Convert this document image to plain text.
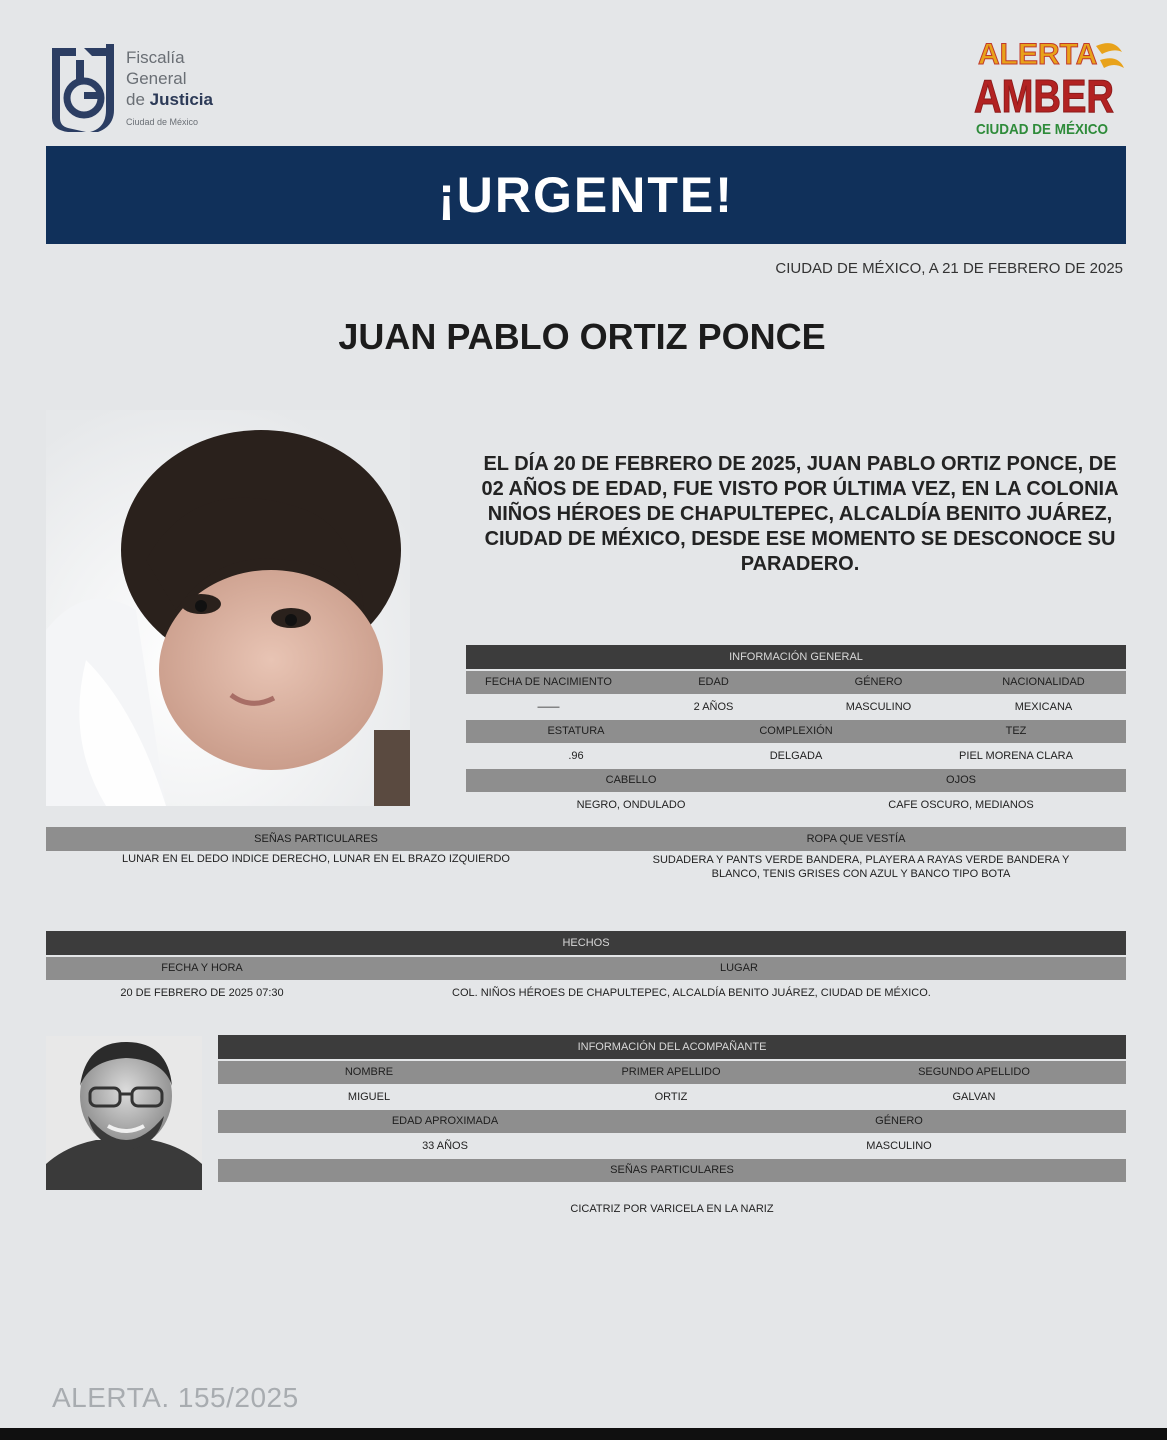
Fiscalía
General
de Justicia
Ciudad de México
ALERTA
AMBER
CIUDAD DE MÉXICO
¡URGENTE!
CIUDAD DE MÉXICO, A 21 DE FEBRERO DE 2025
JUAN PABLO ORTIZ PONCE
EL DÍA 20 DE FEBRERO DE 2025, JUAN PABLO ORTIZ PONCE, DE 02 AÑOS DE EDAD, FUE VISTO POR ÚLTIMA VEZ, EN LA COLONIA NIÑOS HÉROES DE CHAPULTEPEC, ALCALDÍA BENITO JUÁREZ, CIUDAD DE MÉXICO, DESDE ESE MOMENTO SE DESCONOCE SU PARADERO.
INFORMACIÓN GENERAL
FECHA DE NACIMIENTO	EDAD	GÉNERO	NACIONALIDAD
——	2 AÑOS	MASCULINO	MEXICANA
ESTATURA	COMPLEXIÓN	TEZ
.96	DELGADA	PIEL MORENA CLARA
CABELLO	OJOS
NEGRO, ONDULADO	CAFE OSCURO, MEDIANOS
SEÑAS PARTICULARES	ROPA QUE VESTÍA
LUNAR EN EL DEDO INDICE DERECHO, LUNAR EN EL BRAZO IZQUIERDO	SUDADERA Y PANTS VERDE BANDERA, PLAYERA A RAYAS VERDE BANDERA Y
BLANCO, TENIS GRISES CON AZUL Y BANCO TIPO BOTA
HECHOS
FECHA Y HORA	LUGAR
20 DE FEBRERO DE 2025 07:30	COL. NIÑOS HÉROES DE CHAPULTEPEC, ALCALDÍA BENITO JUÁREZ, CIUDAD DE MÉXICO.
INFORMACIÓN DEL ACOMPAÑANTE
NOMBRE	PRIMER APELLIDO	SEGUNDO APELLIDO
MIGUEL	ORTIZ	GALVAN
EDAD APROXIMADA	GÉNERO
33 AÑOS	MASCULINO
SEÑAS PARTICULARES
CICATRIZ POR VARICELA EN LA NARIZ
ALERTA. 155/2025
